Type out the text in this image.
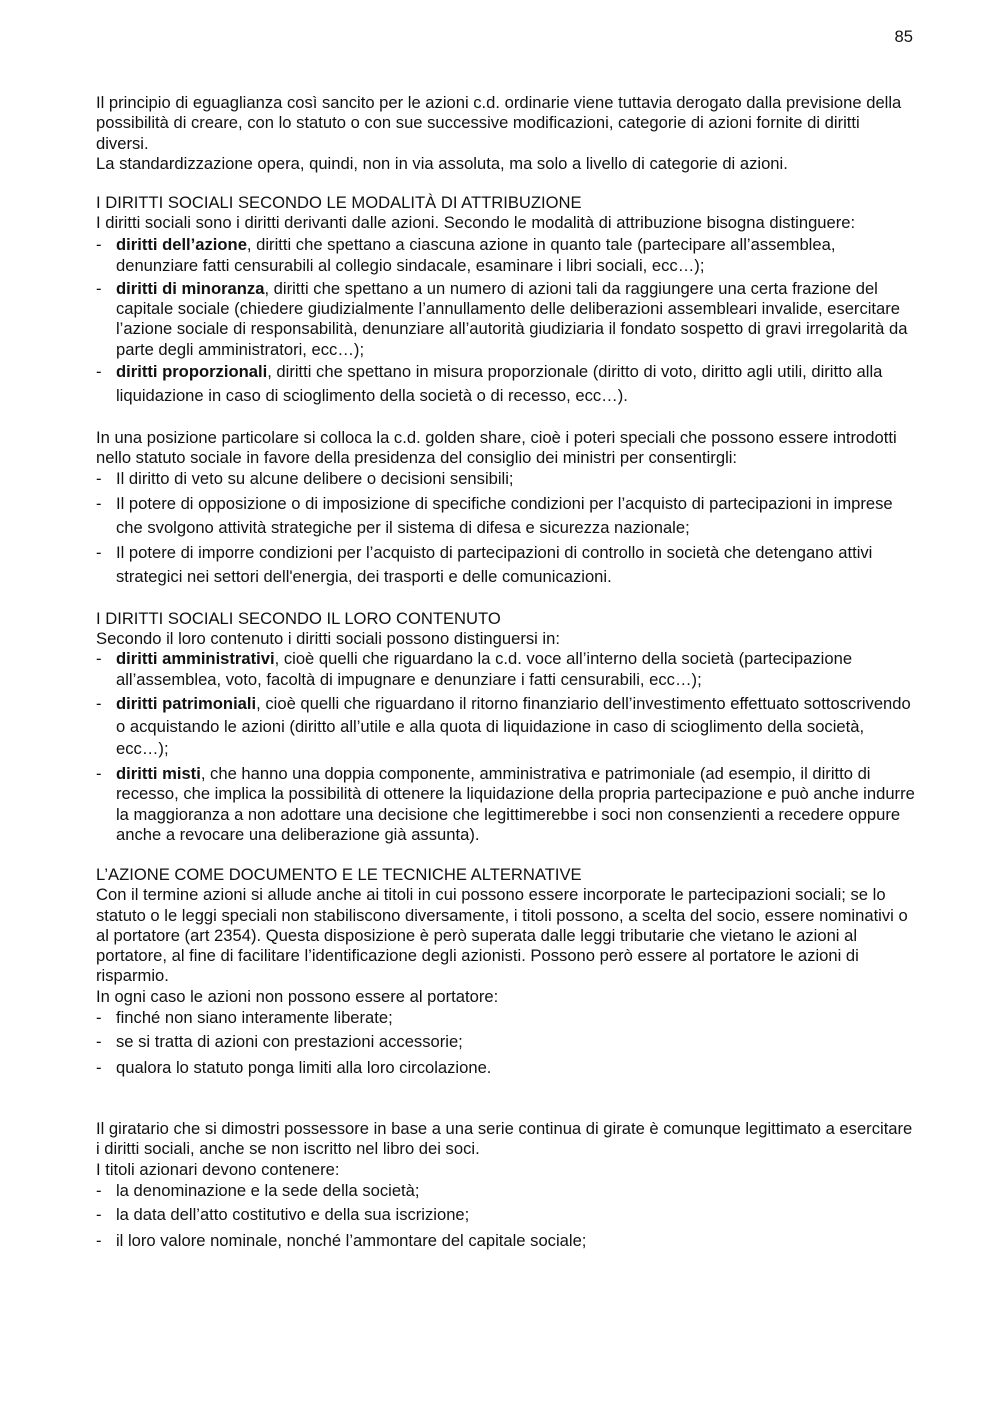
85

Il principio di eguaglianza così sancito per le azioni c.d. ordinarie viene tuttavia derogato dalla previsione della possibilità di creare, con lo statuto o con sue successive modificazioni, categorie di azioni fornite di diritti diversi.

La standardizzazione opera, quindi, non in via assoluta, ma solo a livello di categorie di azioni.

I DIRITTI SOCIALI SECONDO LE MODALITÀ DI ATTRIBUZIONE

I diritti sociali sono i diritti derivanti dalle azioni. Secondo le modalità di attribuzione bisogna distinguere:

- diritti dell’azione, diritti che spettano a ciascuna azione in quanto tale (partecipare all’assemblea, denunziare fatti censurabili al collegio sindacale, esaminare i libri sociali, ecc…);
- diritti di minoranza, diritti che spettano a un numero di azioni tali da raggiungere una certa frazione del capitale sociale (chiedere giudizialmente l’annullamento delle deliberazioni assembleari invalide, esercitare l’azione sociale di responsabilità, denunziare all’autorità giudiziaria il fondato sospetto di gravi irregolarità da parte degli amministratori, ecc…);
- diritti proporzionali, diritti che spettano in misura proporzionale (diritto di voto, diritto agli utili, diritto alla liquidazione in caso di scioglimento della società o di recesso, ecc…).

In una posizione particolare si colloca la c.d. golden share, cioè i poteri speciali che possono essere introdotti nello statuto sociale in favore della presidenza del consiglio dei ministri per consentirgli:

- Il diritto di veto su alcune delibere o decisioni sensibili;
- Il potere di opposizione o di imposizione di specifiche condizioni per l’acquisto di partecipazioni in imprese che svolgono attività strategiche per il sistema di difesa e sicurezza nazionale;
- Il potere di imporre condizioni per l’acquisto di partecipazioni di controllo in società che detengano attivi strategici nei settori dell'energia, dei trasporti e delle comunicazioni.

I DIRITTI SOCIALI SECONDO IL LORO CONTENUTO

Secondo il loro contenuto i diritti sociali possono distinguersi in:

- diritti amministrativi, cioè quelli che riguardano la c.d. voce all’interno della società (partecipazione all’assemblea, voto, facoltà di impugnare e denunziare i fatti censurabili, ecc…);
- diritti patrimoniali, cioè quelli che riguardano il ritorno finanziario dell’investimento effettuato sottoscrivendo o acquistando le azioni (diritto all’utile e alla quota di liquidazione in caso di scioglimento della società, ecc…);
- diritti misti, che hanno una doppia componente, amministrativa e patrimoniale (ad esempio, il diritto di recesso, che implica la possibilità di ottenere la liquidazione della propria partecipazione e può anche indurre la maggioranza a non adottare una decisione che legittimerebbe i soci non consenzienti a recedere oppure anche a revocare una deliberazione già assunta).

L’AZIONE COME DOCUMENTO E LE TECNICHE ALTERNATIVE

Con il termine azioni si allude anche ai titoli in cui possono essere incorporate le partecipazioni sociali; se lo statuto o le leggi speciali non stabiliscono diversamente, i titoli possono, a scelta del socio, essere nominativi o al portatore (art 2354). Questa disposizione è però superata dalle leggi tributarie che vietano le azioni al portatore, al fine di facilitare l’identificazione degli azionisti. Possono però essere al portatore le azioni di risparmio.

In ogni caso le azioni non possono essere al portatore:

- finché non siano interamente liberate;
- se si tratta di azioni con prestazioni accessorie;
- qualora lo statuto ponga limiti alla loro circolazione.

Il giratario che si dimostri possessore in base a una serie continua di girate è comunque legittimato a esercitare i diritti sociali, anche se non iscritto nel libro dei soci.

I titoli azionari devono contenere:

- la denominazione e la sede della società;
- la data dell’atto costitutivo e della sua iscrizione;
- il loro valore nominale, nonché l’ammontare del capitale sociale;
